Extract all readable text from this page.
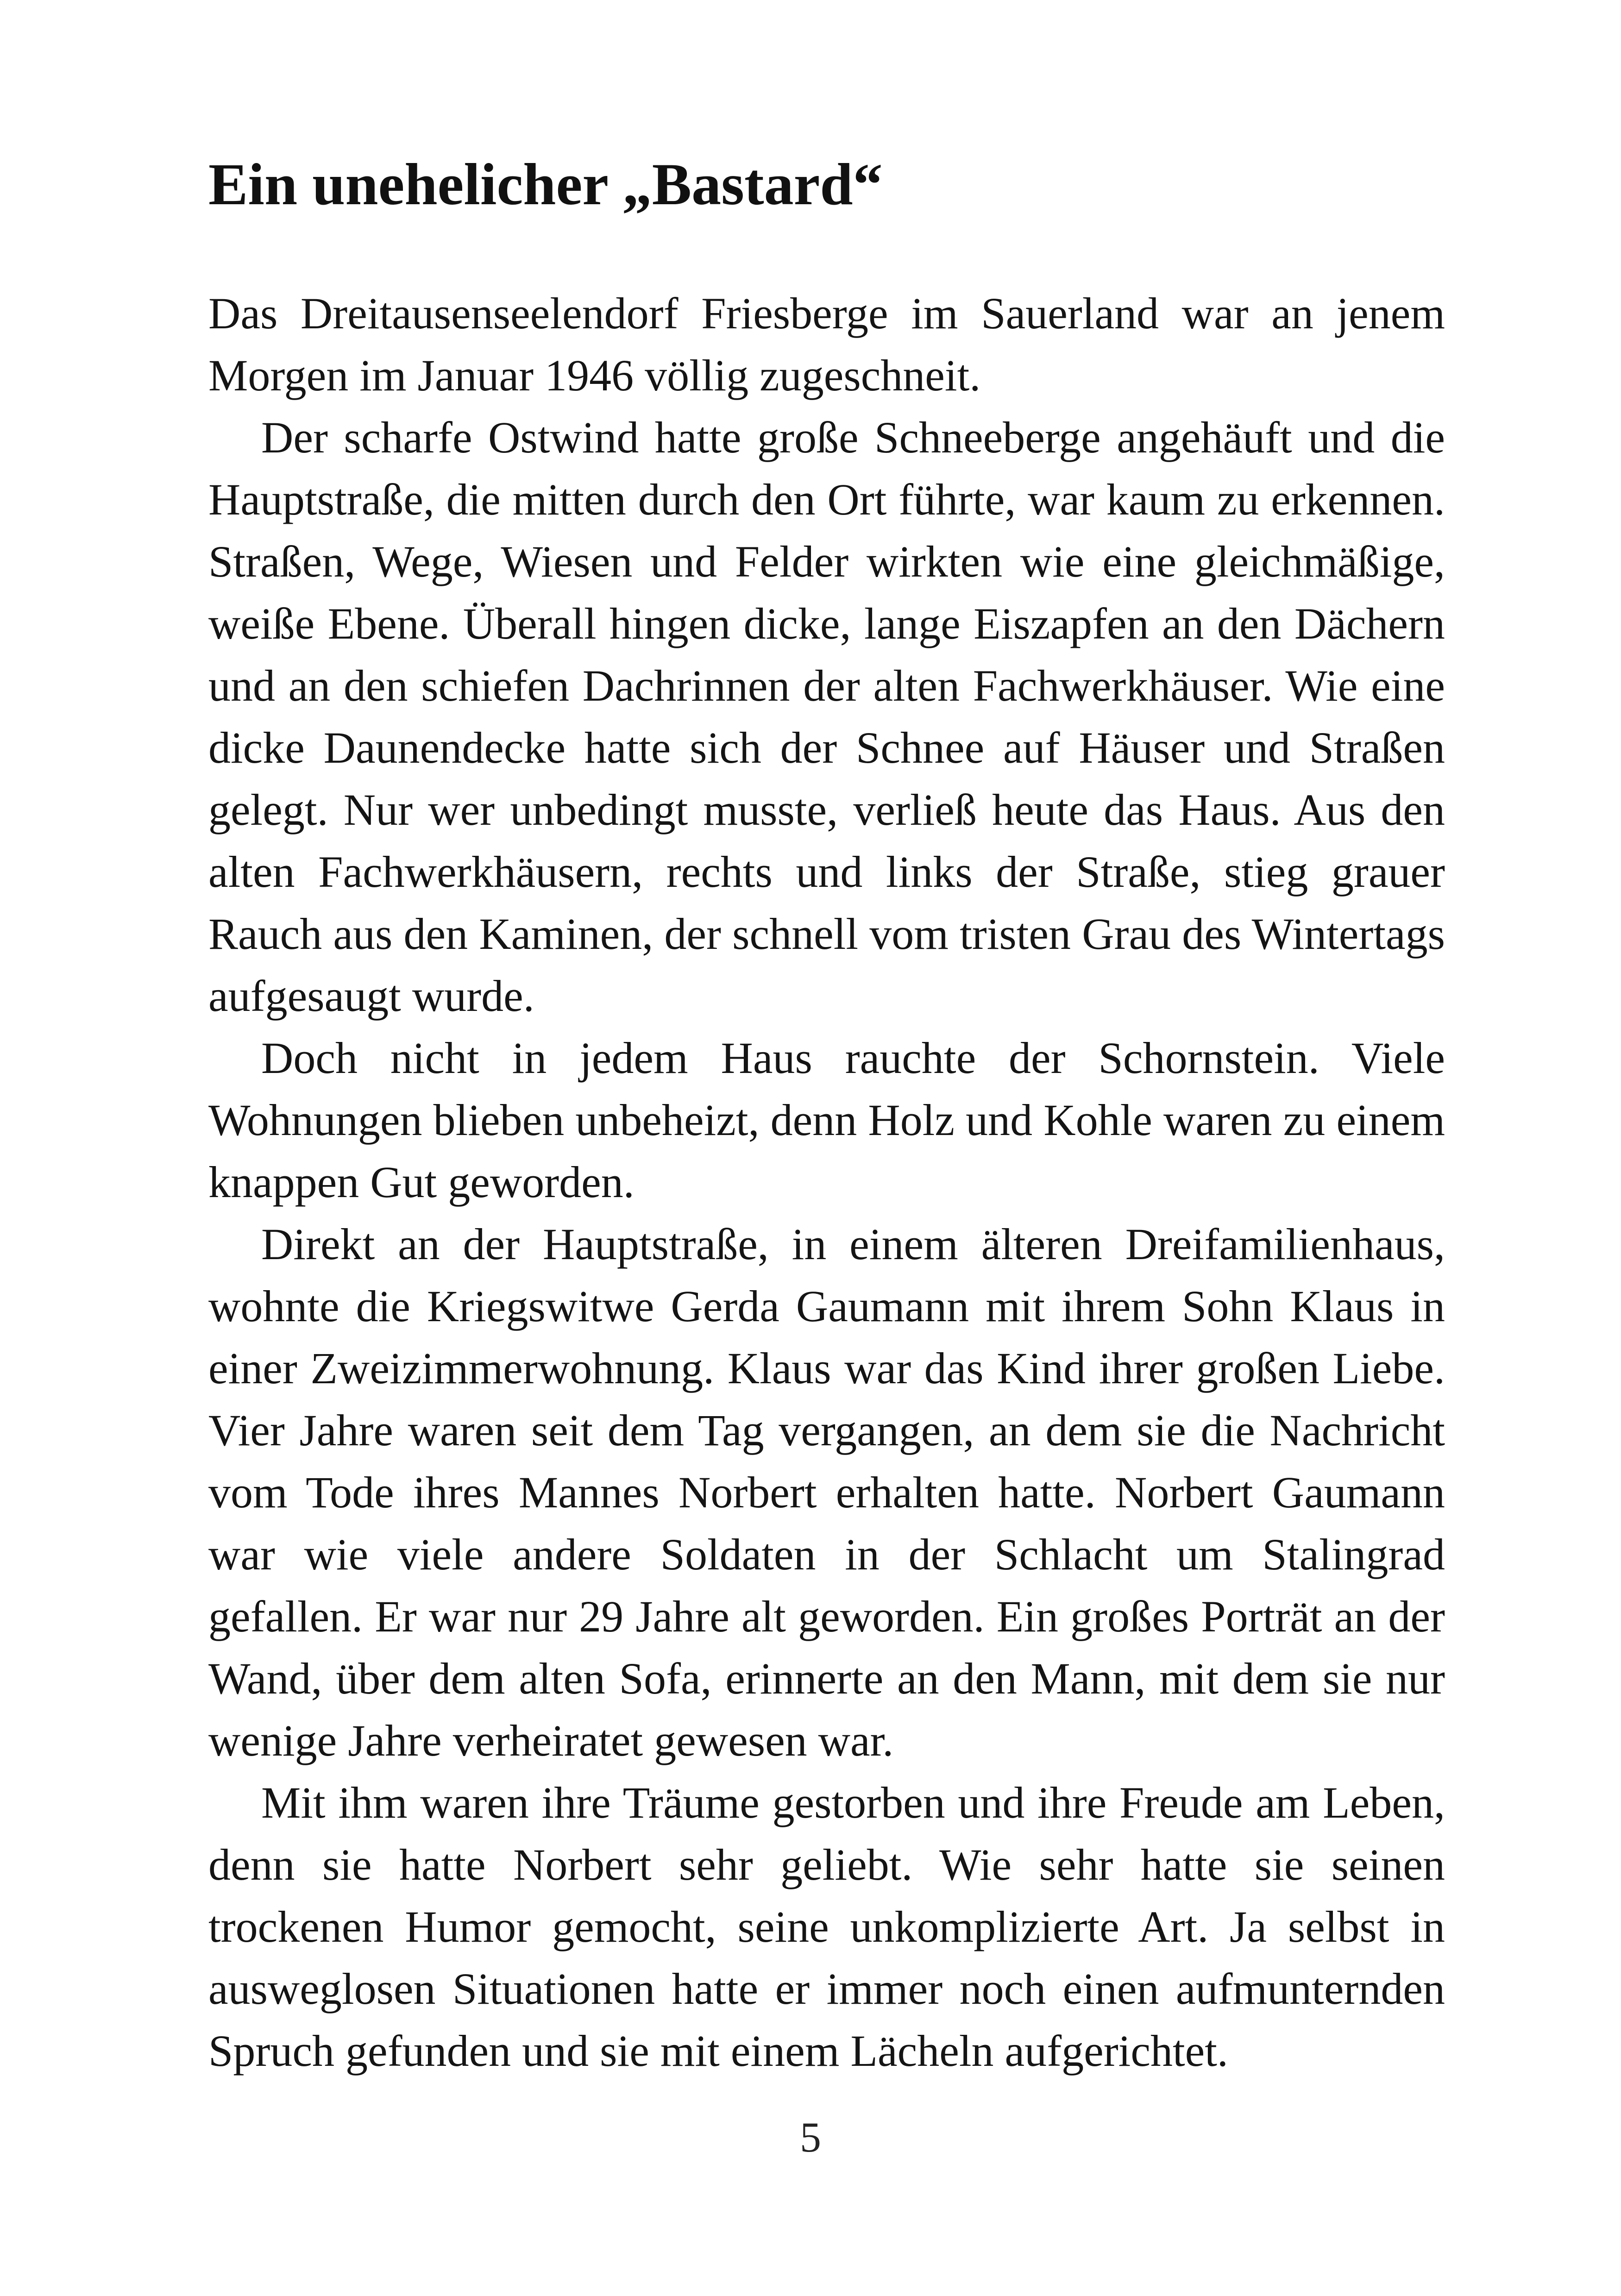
Ein unehelicher „Bastard“

Das Dreitausenseelendorf Friesberge im Sauerland war an jenem Morgen im Januar 1946 völlig zugeschneit.

Der scharfe Ostwind hatte große Schneeberge angehäuft und die Hauptstraße, die mitten durch den Ort führte, war kaum zu erkennen. Straßen, Wege, Wiesen und Felder wirkten wie eine gleichmäßige, weiße Ebene. Überall hingen dicke, lange Eiszapfen an den Dächern und an den schiefen Dachrinnen der alten Fachwerkhäuser. Wie eine dicke Daunendecke hatte sich der Schnee auf Häuser und Straßen gelegt. Nur wer unbedingt musste, verließ heute das Haus. Aus den alten Fachwerkhäusern, rechts und links der Straße, stieg grauer Rauch aus den Kaminen, der schnell vom tristen Grau des Wintertags aufgesaugt wurde.

Doch nicht in jedem Haus rauchte der Schornstein. Viele Wohnungen blieben unbeheizt, denn Holz und Kohle waren zu einem knappen Gut geworden.

Direkt an der Hauptstraße, in einem älteren Dreifamilienhaus, wohnte die Kriegswitwe Gerda Gaumann mit ihrem Sohn Klaus in einer Zweizimmerwohnung. Klaus war das Kind ihrer großen Liebe. Vier Jahre waren seit dem Tag vergangen, an dem sie die Nachricht vom Tode ihres Mannes Norbert erhalten hatte. Norbert Gaumann war wie viele andere Soldaten in der Schlacht um Stalingrad gefallen. Er war nur 29 Jahre alt geworden. Ein großes Porträt an der Wand, über dem alten Sofa, erinnerte an den Mann, mit dem sie nur wenige Jahre verheiratet gewesen war.

Mit ihm waren ihre Träume gestorben und ihre Freude am Leben, denn sie hatte Norbert sehr geliebt. Wie sehr hatte sie seinen trockenen Humor gemocht, seine unkomplizierte Art. Ja selbst in ausweglosen Situationen hatte er immer noch einen aufmunternden Spruch gefunden und sie mit einem Lächeln aufgerichtet.

5
